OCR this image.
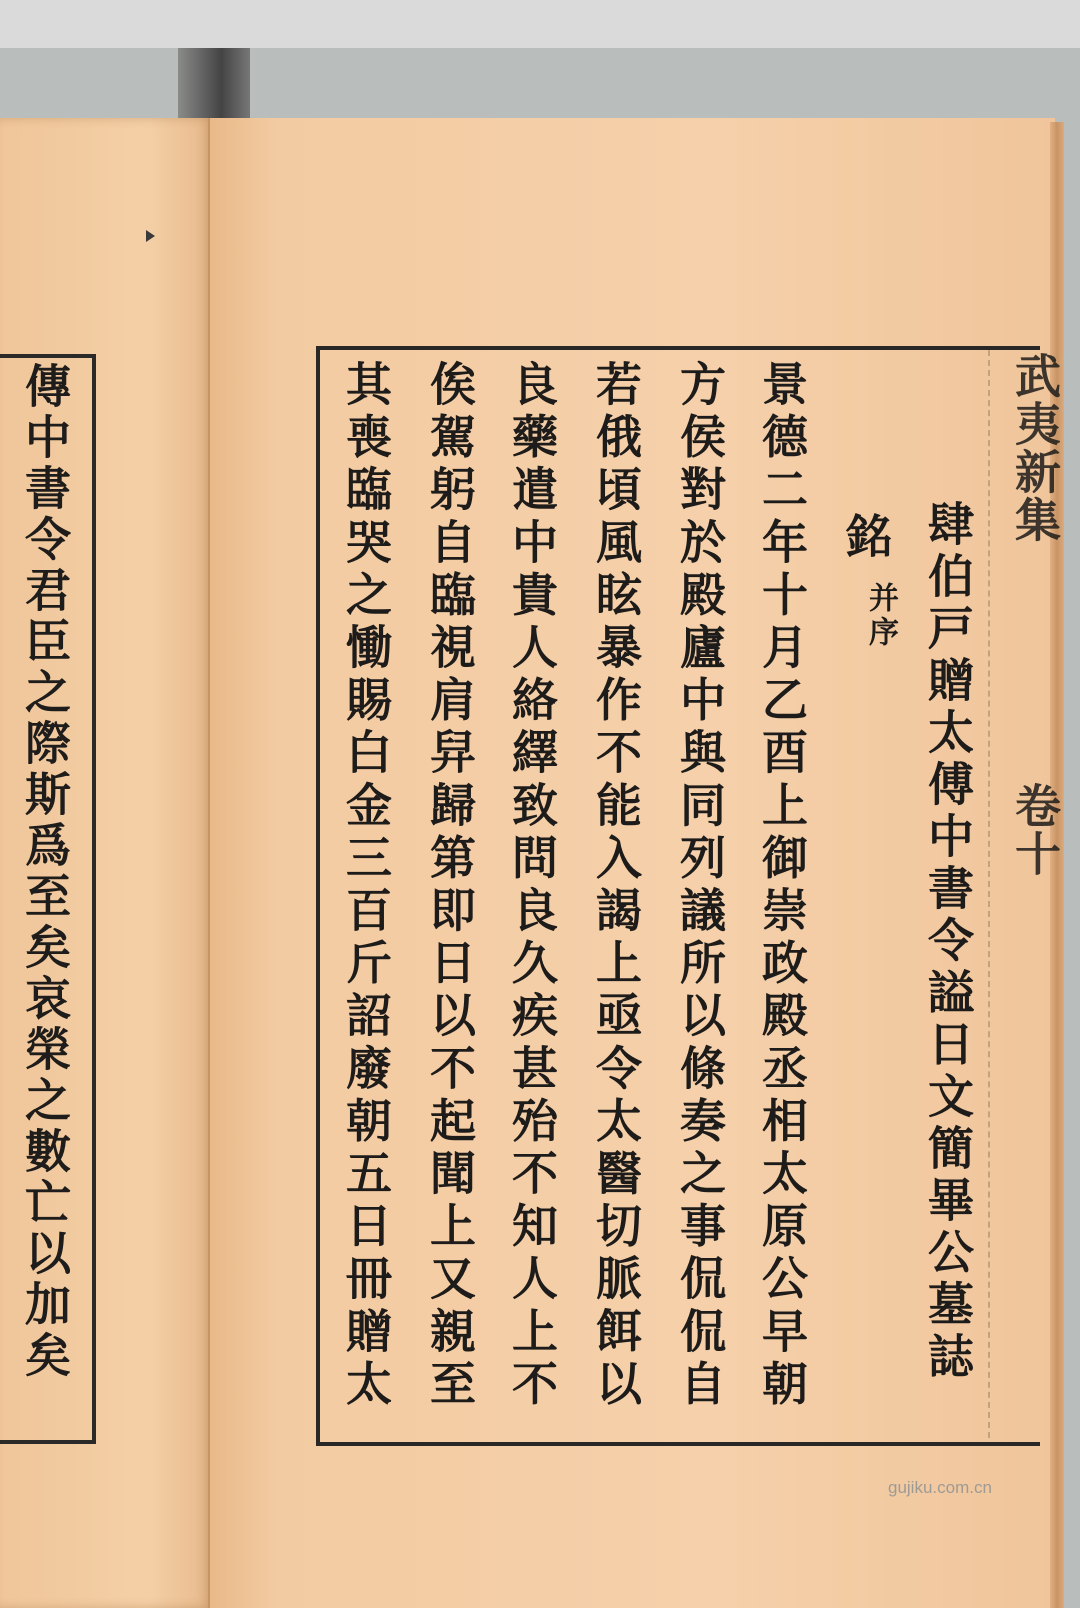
傳中書令君臣之際斯爲至矣哀榮之數亡以加矣	武夷新集
卷十
肆伯戸贈太傅中書令謚日文簡畢公墓誌
銘
并序
景德二年十月乙酉上御崇政殿丞相太原公早朝
方侯對於殿廬中與同列議所以條奏之事侃侃自
若俄頃風眩暴作不能入謁上亟令太醫切脈餌以
良藥遣中貴人絡繹致問良久疾甚殆不知人上不
俟駕躬自臨視肩舁歸第即日以不起聞上又親至
其喪臨哭之慟賜白金三百斤詔廢朝五日冊贈太
gujiku.com.cn
